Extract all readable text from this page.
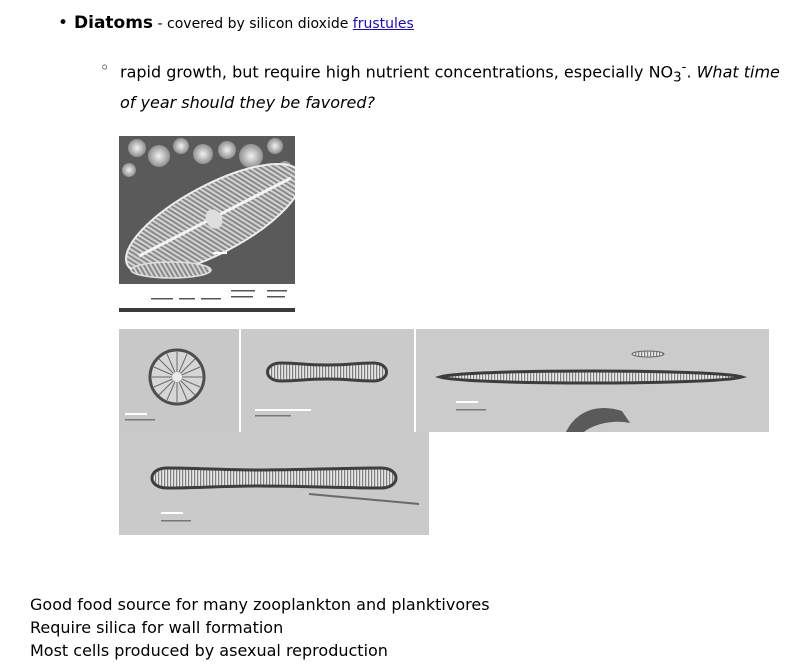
• Diatoms - covered by silicon dioxide frustules
◦ rapid growth, but require high nutrient concentrations, especially $NO_3^-$. What time of year should they be favored?
Good food source for many zooplankton and planktivores
Require silica for wall formation
Most cells produced by asexual reproduction
